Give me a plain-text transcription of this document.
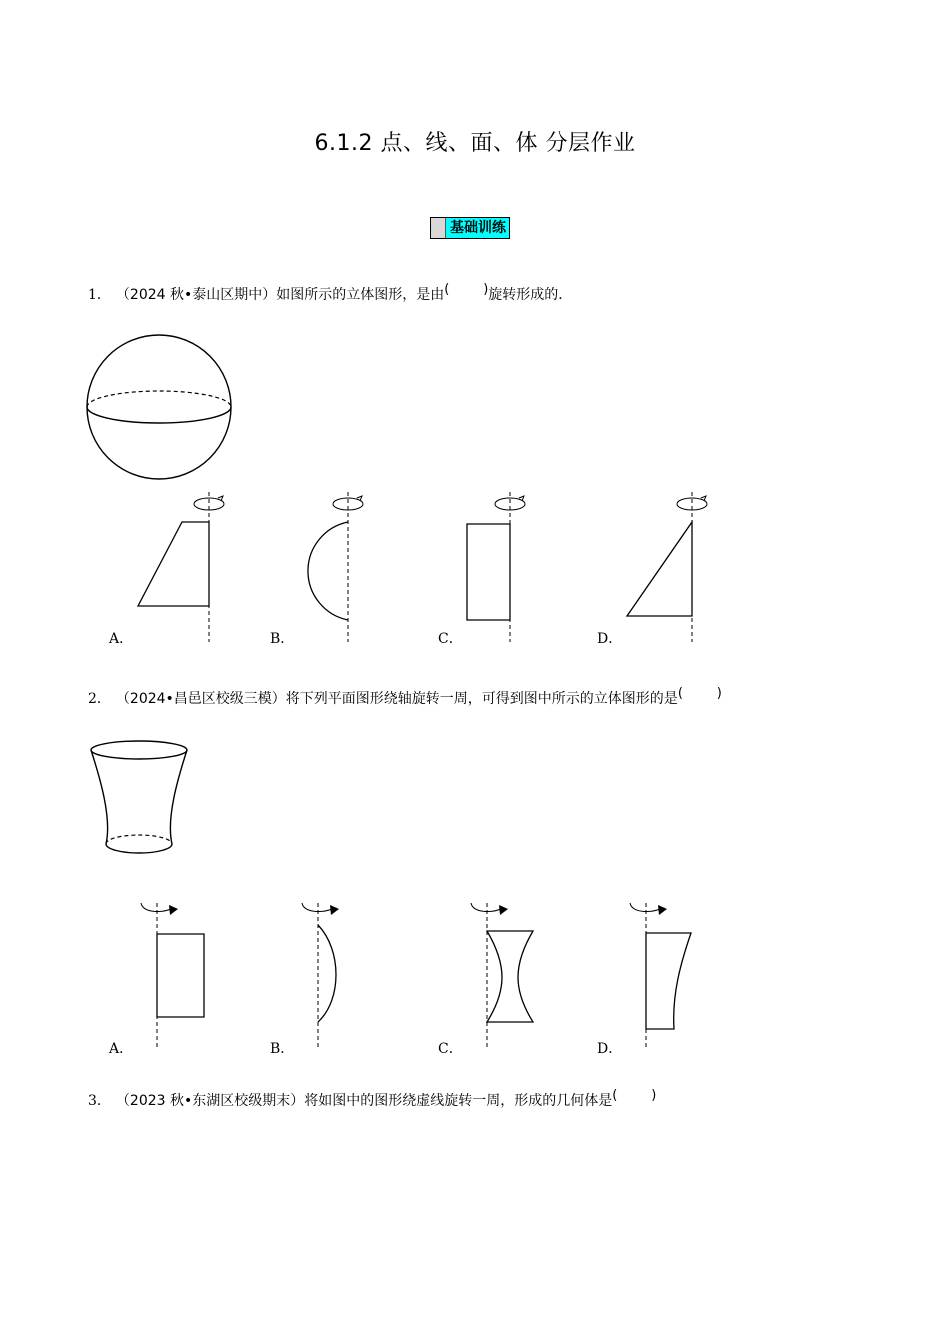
6.1.2 点、线、面、体 分层作业
基础训练
1． （2024 秋•泰山区期中）如图所示的立体图形，是由(	) 旋转形成的．
A．	B．	C．	D．
2． （2024•昌邑区校级三模）将下列平面图形绕轴旋转一周，可得到图中所示的立体图形的是(	)
A．	B．	C．	D．
3． （2023 秋•东湖区校级期末）将如图中的图形绕虚线旋转一周，形成的几何体是(	)
